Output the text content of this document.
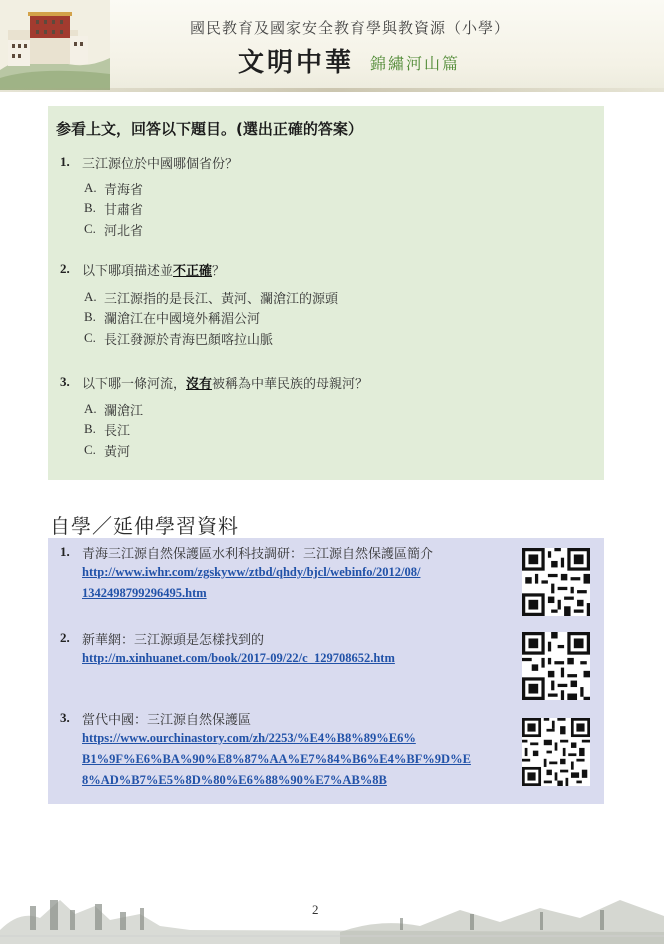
國民教育及國家安全教育學與教資源（小學）
文明中華 錦繡河山篇
参看上文，回答以下題目。(選出正確的答案）
1. 三江源位於中國哪個省份？
A. 青海省
B. 甘肅省
C. 河北省
2. 以下哪項描述並不正確？
A. 三江源指的是長江、黃河、瀾滄江的源頭
B. 瀾滄江在中國境外稱湄公河
C. 長江發源於青海巴顏喀拉山脈
3. 以下哪一條河流，沒有被稱為中華民族的母親河？
A. 瀾滄江
B. 長江
C. 黃河
自學／延伸學習資料
1. 青海三江源自然保護區水利科技調研：三江源自然保護區簡介
http://www.iwhr.com/zgskyww/ztbd/qhdy/bjcl/webinfo/2012/08/
1342498799296495.htm
2. 新華網：三江源頭是怎樣找到的
http://m.xinhuanet.com/book/2017-09/22/c_129708652.htm
3. 當代中國：三江源自然保護區
https://www.ourchinastory.com/zh/2253/%E4%B8%89%E6%
B1%9F%E6%BA%90%E8%87%AA%E7%84%B6%E4%BF%9D%E
8%AD%B7%E5%8D%80%E6%88%90%E7%AB%8B
2
